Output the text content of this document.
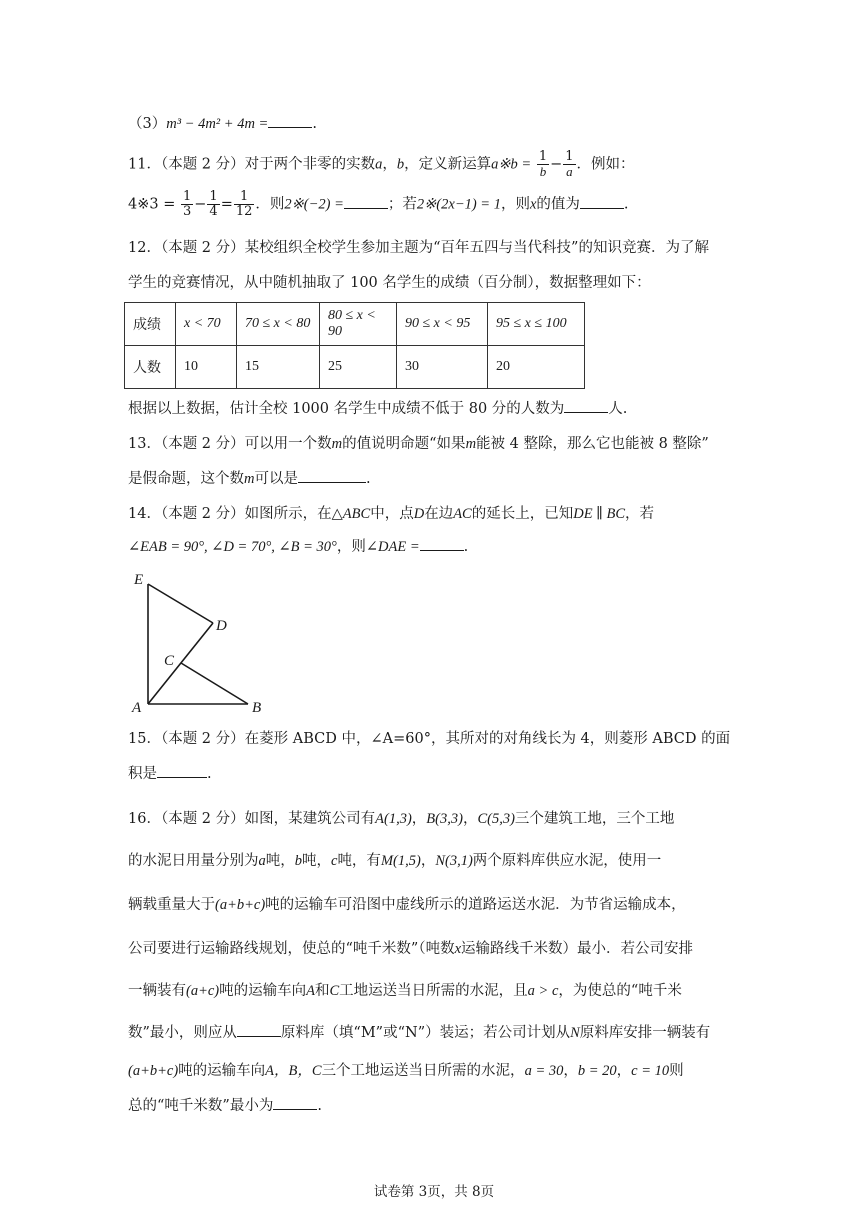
（3）m³ − 4m² + 4m =	.
11．（本题 2 分）对于两个非零的实数a，b，定义新运算a※b = $\frac{1}{b} - \frac{1}{a}$ ．例如：
4※3 = $\frac{1}{3} - \frac{1}{4} = \frac{1}{12}$ ．则2※(−2) =	；若2※(2x−1) = 1，则x的值为	.
12．（本题 2 分）某校组织全校学生参加主题为“百年五四与当代科技”的知识竞赛．为了解
学生的竞赛情况，从中随机抽取了 100 名学生的成绩（百分制），数据整理如下：
成绩	x < 70	70 ≤ x < 80	80 ≤ x < 90	90 ≤ x < 95	95 ≤ x ≤ 100
人数	10	15	25	30	20
根据以上数据，估计全校 1000 名学生中成绩不低于 80 分的人数为	人.
13．（本题 2 分）可以用一个数m的值说明命题“如果m能被 4 整除，那么它也能被 8 整除”
是假命题，这个数m可以是	.
14．（本题 2 分）如图所示，在△ABC中，点D在边AC的延长上，已知DE ∥ BC，若
∠EAB = 90°, ∠D = 70°, ∠B = 30°，则∠DAE =	.
E
D
C
A	B
15．（本题 2 分）在菱形 ABCD 中，∠A=60°，其所对的对角线长为 4，则菱形 ABCD 的面
积是	.
16．（本题 2 分）如图，某建筑公司有A(1,3)，B(3,3)，C(5,3)三个建筑工地，三个工地
的水泥日用量分别为a吨，b吨，c吨，有M(1,5)，N(3,1)两个原料库供应水泥，使用一
辆载重量大于(a+b+c)吨的运输车可沿图中虚线所示的道路运送水泥．为节省运输成本，
公司要进行运输路线规划，使总的“吨千米数”（吨数x运输路线千米数）最小．若公司安排
一辆装有(a+c)吨的运输车向A和C工地运送当日所需的水泥，且a > c，为使总的“吨千米
数”最小，则应从	原料库（填“M”或“N”）装运；若公司计划从N原料库安排一辆装有
(a+b+c)吨的运输车向A，B，C三个工地运送当日所需的水泥，a = 30，b = 20，c = 10则
总的“吨千米数”最小为	.
试卷第 3页，共 8页
